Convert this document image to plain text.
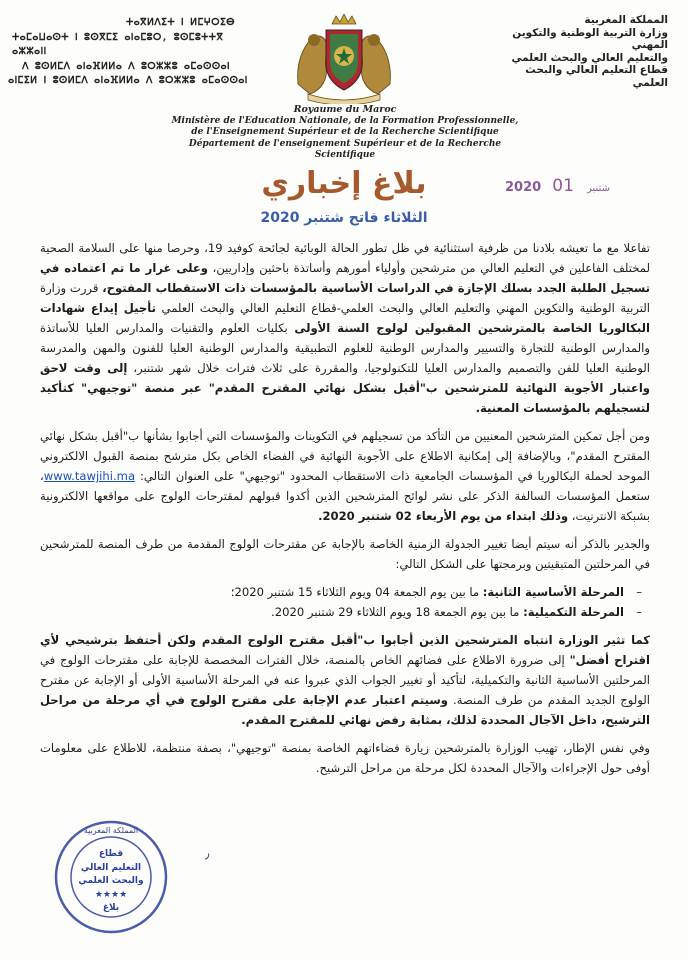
المملكة المغربية
وزارة التربية الوطنية والتكوين المهني
والتعليم العالي والبحث العلمي
قطاع التعليم العالي والبحث العلمي
ⵜⴰⴳⵍⴷⵉⵜ ⵏ ⵍⵎⵖⵔⵉⴱ
ⵜⴰⵎⴰⵡⴰⵙⵜ ⵏ ⵓⵙⴳⵎⵉ ⴰⵏⴰⵎⵓⵔ, ⵓⵙⵎⵓⵜⵜⴳ ⴰⵣⵣⴰⵏⵏ
ⴷ ⵓⵙⵍⵎⴷ ⴰⵏⴰⴼⵍⵍⴰ ⴷ ⵓⵔⵣⵣⵓ ⴰⵎⴰⵙⵙⴰⵏ
ⴰⵏⵎⵉⵍ ⵏ ⵓⵙⵍⵎⴷ ⴰⵏⴰⴼⵍⵍⴰ ⴷ ⵓⵔⵣⵣⵓ ⴰⵎⴰⵙⵙⴰⵏ
Royaume du Maroc
Ministère de l'Education Nationale, de la Formation Professionnelle,
de l'Enseignement Supérieur et de la Recherche Scientifique
Département de l'enseignement Supérieur et de la Recherche Scientifique
2020	شتنبر 01
بلاغ إخباري
الثلاثاء فاتح شتنبر 2020

تفاعلا مع ما تعيشه بلادنا من ظرفية استثنائية في ظل تطور الحالة الوبائية لجائحة كوفيد 19، وحرصا منها على السلامة الصحية لمختلف الفاعلين في التعليم العالي من مترشحين وأولياء أمورهم وأساتذة باحثين وإداريين، وعلى غرار ما تم اعتماده في تسجيل الطلبة الجدد بسلك الإجازة في الدراسات الأساسية بالمؤسسات ذات الاستقطاب المفتوح، قررت وزارة التربية الوطنية والتكوين المهني والتعليم العالي والبحث العلمي-قطاع التعليم العالي والبحث العلمي تأجيل إيداع شهادات البكالوريا الخاصة بالمترشحين المقبولين لولوج السنة الأولى بكليات العلوم والتقنيات والمدارس العليا للأساتذة والمدارس الوطنية للتجارة والتسيير والمدارس الوطنية للعلوم التطبيقية والمدارس الوطنية العليا للفنون والمهن والمدرسة الوطنية العليا للفن والتصميم والمدارس العليا للتكنولوجيا، والمقررة على ثلاث فترات خلال شهر شتنبر، إلى وقت لاحق واعتبار الأجوبة النهائية للمترشحين ب"أقبل بشكل نهائي المقترح المقدم" عبر منصة "توجيهي" كتأكيد لتسجيلهم بالمؤسسات المعنية.

ومن أجل تمكين المترشحين المعنيين من التأكد من تسجيلهم في التكوينات والمؤسسات التي أجابوا بشأنها ب"أقبل بشكل نهائي المقترح المقدم"، وبالإضافة إلى إمكانية الاطلاع على الأجوبة النهائية في الفضاء الخاص بكل مترشح بمنصة القبول الالكتروني الموحد لحملة البكالوريا في المؤسسات الجامعية ذات الاستقطاب المحدود "توجيهي" على العنوان التالي: www.tawjihi.ma، ستعمل المؤسسات السالفة الذكر على نشر لوائح المترشحين الذين أكدوا قبولهم لمقترحات الولوج على مواقعها الالكترونية بشبكة الانترنيت، وذلك ابتداء من يوم الأربعاء 02 شتنبر 2020.

والجدير بالذكر أنه سيتم أيضا تغيير الجدولة الزمنية الخاصة بالإجابة عن مقترحات الولوج المقدمة من طرف المنصة للمترشحين في المرحلتين المتبقيتين وبرمجتها على الشكل التالي:

– المرحلة الأساسية الثانية: ما بين يوم الجمعة 04 ويوم الثلاثاء 15 شتنبر 2020؛
– المرحلة التكميلية: ما بين يوم الجمعة 18 ويوم الثلاثاء 29 شتنبر 2020.

كما تثير الوزارة انتباه المترشحين الذين أجابوا ب"أقبل مقترح الولوج المقدم ولكن أحتفظ بترشيحي لأي اقتراح أفضل" إلى ضرورة الاطلاع على فضائهم الخاص بالمنصة، خلال الفترات المخصصة للإجابة على مقترحات الولوج في المرحلتين الأساسية الثانية والتكميلية، لتأكيد أو تغيير الجواب الذي عبروا عنه في المرحلة الأساسية الأولى أو الإجابة عن مقترح الولوج الجديد المقدم من طرف المنصة. وسيتم اعتبار عدم الإجابة على مقترح الولوج في أي مرحلة من مراحل الترشيح، داخل الآجال المحددة لذلك، بمثابة رفض نهائي للمقترح المقدم.

وفي نفس الإطار، تهيب الوزارة بالمترشحين زيارة فضاءاتهم الخاصة بمنصة "توجيهي"، بصفة منتظمة، للاطلاع على معلومات أوفى حول الإجراءات والآجال المحددة لكل مرحلة من مراحل الترشيح.

المملكة المغربية
قطاع
التعليم العالي
والبحث العلمي
★★★★
بلاغ
٫
